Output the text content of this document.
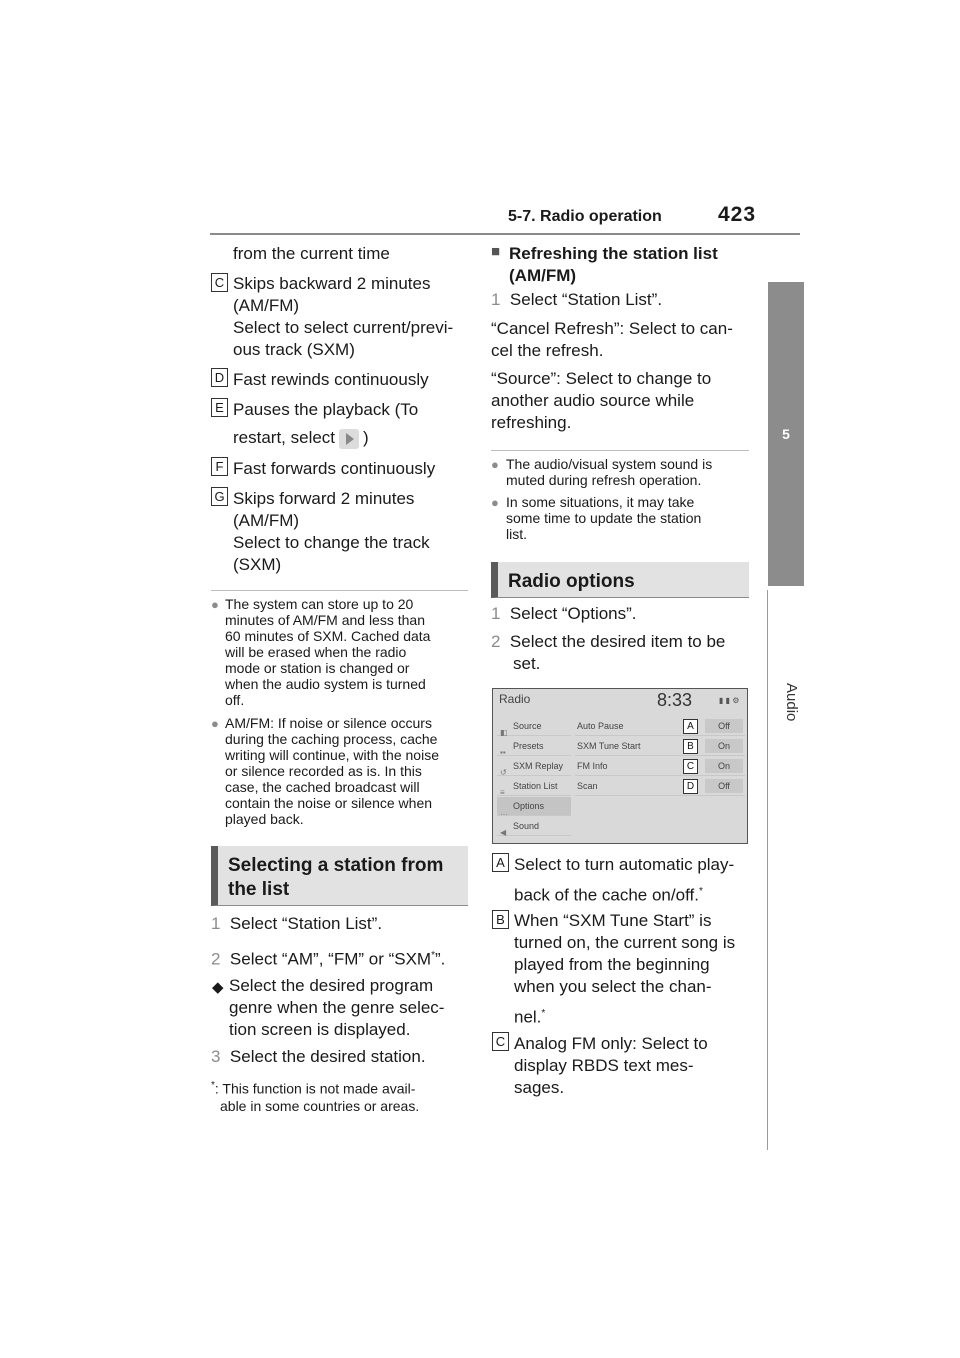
5-7. Radio operation	423
5
Audio
from the current time
C Skips backward 2 minutes
(AM/FM)
Select to select current/previ-
ous track (SXM)
D Fast rewinds continuously
E Pauses the playback (To
restart, select )
F Fast forwards continuously
G Skips forward 2 minutes
(AM/FM)
Select to change the track
(SXM)
● The system can store up to 20
minutes of AM/FM and less than
60 minutes of SXM. Cached data
will be erased when the radio
mode or station is changed or
when the audio system is turned
off.
● AM/FM: If noise or silence occurs
during the caching process, cache
writing will continue, with the noise
or silence recorded as is. In this
case, the cached broadcast will
contain the noise or silence when
played back.
Selecting a station from
the list
1 Select “Station List”.
2 Select “AM”, “FM” or “SXM*”.
◆ Select the desired program
genre when the genre selec-
tion screen is displayed.
3 Select the desired station.
*: This function is not made avail-
able in some countries or areas.
■ Refreshing the station list
(AM/FM)
1 Select “Station List”.
“Cancel Refresh”: Select to can-
cel the refresh.
“Source”: Select to change to
another audio source while
refreshing.
● The audio/visual system sound is
muted during refresh operation.
● In some situations, it may take
some time to update the station
list.
Radio options
1 Select “Options”.
2 Select the desired item to be
set.
Radio	8:33	▮ ▮ ⚙
◧
Source
▪▪
Presets
↺
SXM Replay
≡
Station List
…
Options
◀
Sound
Auto Pause	A	Off
SXM Tune Start	B	On
FM Info	C	On
Scan	D	Off
A Select to turn automatic play-
back of the cache on/off.*
B When “SXM Tune Start” is
turned on, the current song is
played from the beginning
when you select the chan-
nel.*
C Analog FM only: Select to
display RBDS text mes-
sages.
